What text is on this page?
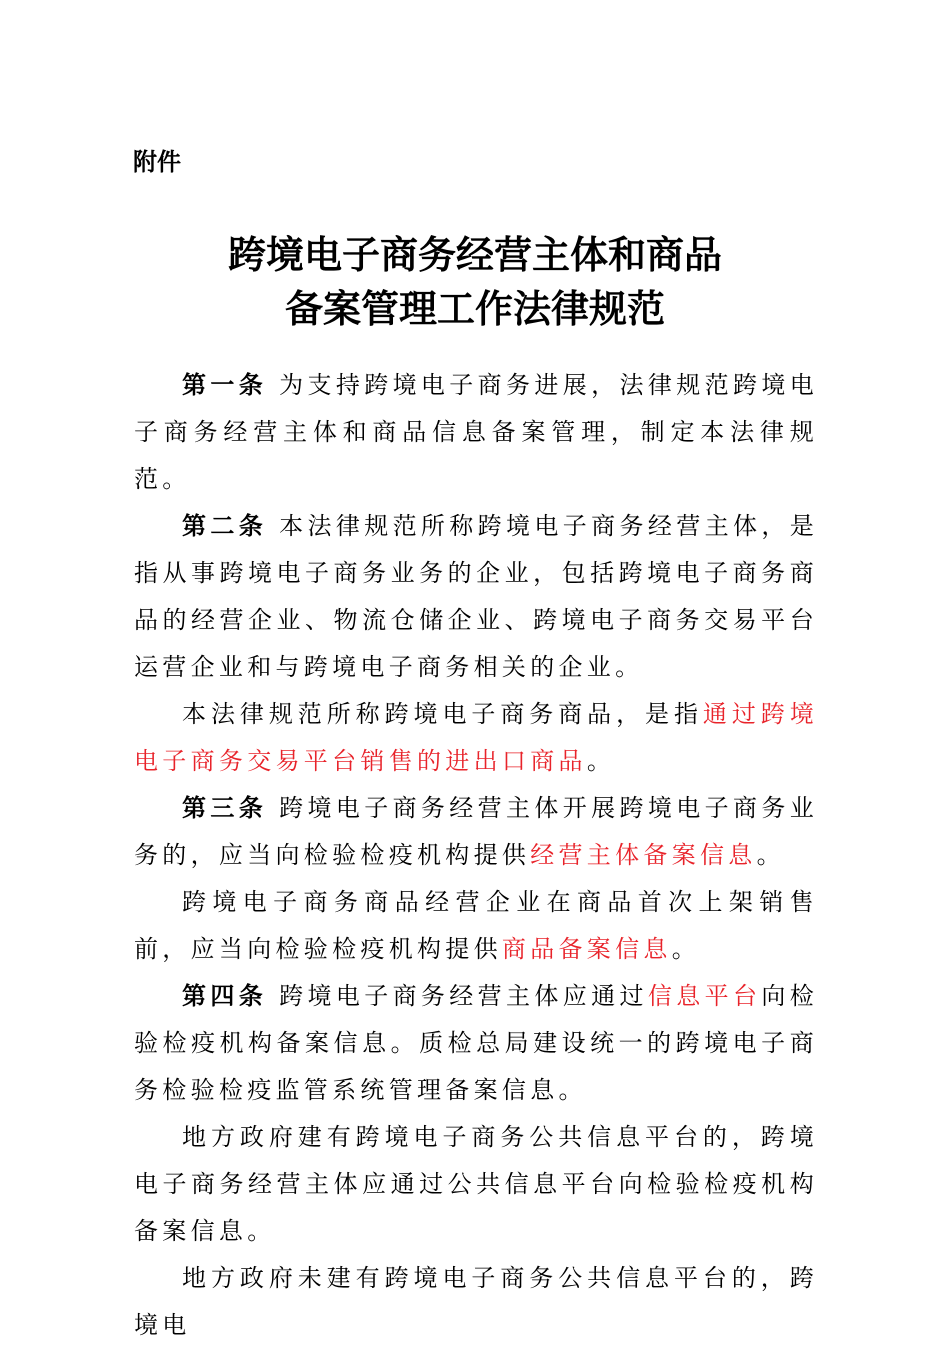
附件
跨境电子商务经营主体和商品
备案管理工作法律规范

第一条 为支持跨境电子商务进展，法律规范跨境电子商务经营主体和商品信息备案管理，制定本法律规范。

第二条 本法律规范所称跨境电子商务经营主体，是指从事跨境电子商务业务的企业，包括跨境电子商务商品的经营企业、物流仓储企业、跨境电子商务交易平台运营企业和与跨境电子商务相关的企业。

本法律规范所称跨境电子商务商品，是指通过跨境电子商务交易平台销售的进出口商品。

第三条 跨境电子商务经营主体开展跨境电子商务业务的，应当向检验检疫机构提供经营主体备案信息。

跨境电子商务商品经营企业在商品首次上架销售前，应当向检验检疫机构提供商品备案信息。

第四条 跨境电子商务经营主体应通过信息平台向检验检疫机构备案信息。质检总局建设统一的跨境电子商务检验检疫监管系统管理备案信息。

地方政府建有跨境电子商务公共信息平台的，跨境电子商务经营主体应通过公共信息平台向检验检疫机构备案信息。

地方政府未建有跨境电子商务公共信息平台的，跨境电
